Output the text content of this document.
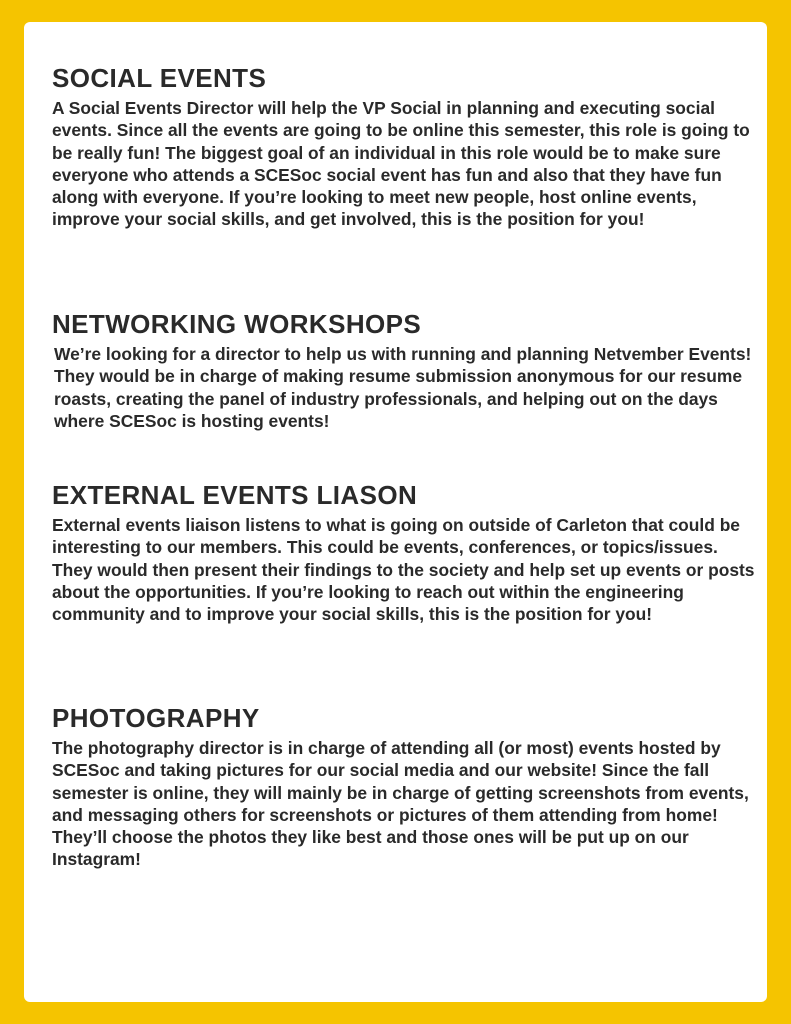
SOCIAL EVENTS

A Social Events Director will help the VP Social in planning and executing social events. Since all the events are going to be online this semester, this role is going to be really fun! The biggest goal of an individual in this role would be to make sure everyone who attends a SCESoc social event has fun and also that they have fun along with everyone. If you’re looking to meet new people, host online events, improve your social skills, and get involved, this is the position for you!

NETWORKING WORKSHOPS

We’re looking for a director to help us with running and planning Netvember Events! They would be in charge of making resume submission anonymous for our resume roasts, creating the panel of industry professionals, and helping out on the days where SCESoc is hosting events!

EXTERNAL EVENTS LIASON

External events liaison listens to what is going on outside of Carleton that could be interesting to our members. This could be events, conferences, or topics/issues. They would then present their findings to the society and help set up events or posts about the opportunities. If you’re looking to reach out within the engineering community and to improve your social skills, this is the position for you!

PHOTOGRAPHY

The photography director is in charge of attending all (or most) events hosted by SCESoc and taking pictures for our social media and our website! Since the fall semester is online, they will mainly be in charge of getting screenshots from events, and messaging others for screenshots or pictures of them attending from home! They’ll choose the photos they like best and those ones will be put up on our Instagram!
